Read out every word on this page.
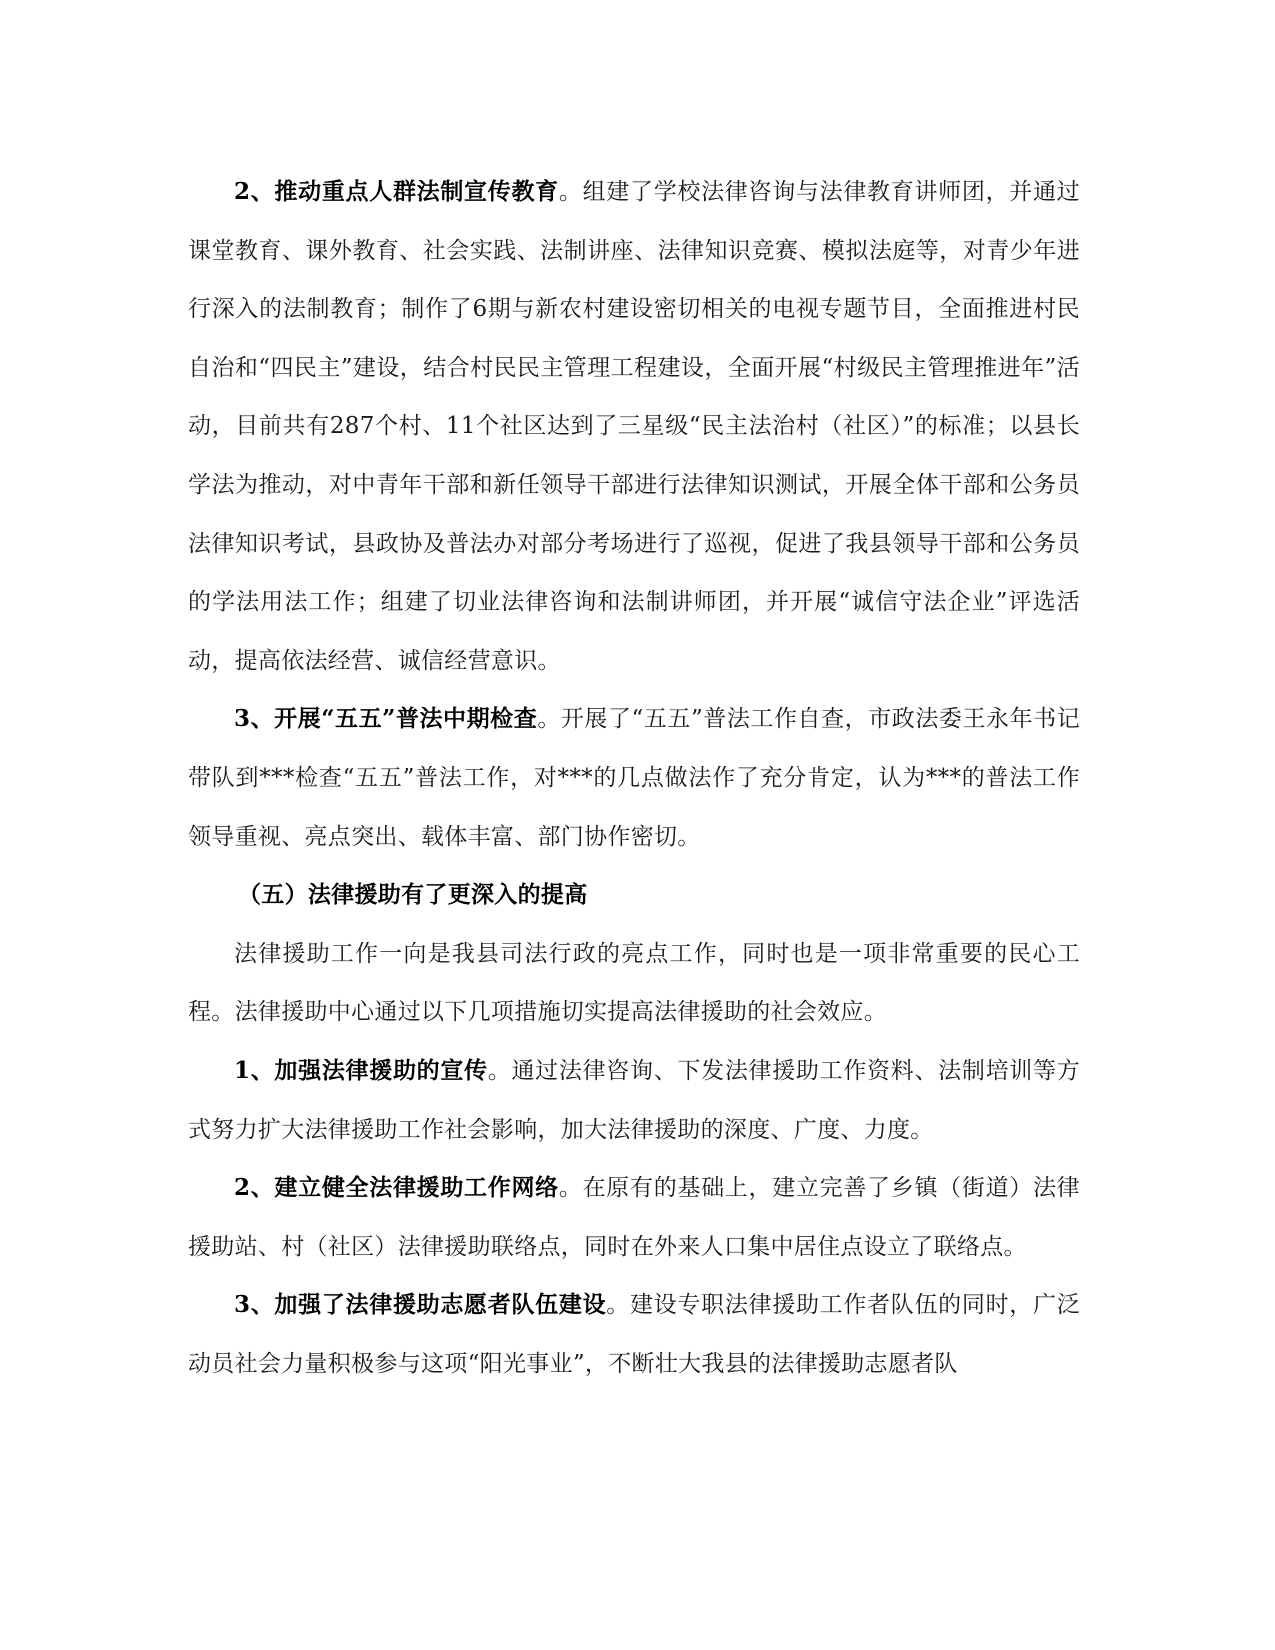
2、推动重点人群法制宣传教育。组建了学校法律咨询与法律教育讲师团，并通过课堂教育、课外教育、社会实践、法制讲座、法律知识竞赛、模拟法庭等，对青少年进行深入的法制教育；制作了6期与新农村建设密切相关的电视专题节目，全面推进村民自治和“四民主”建设，结合村民民主管理工程建设，全面开展“村级民主管理推进年”活动，目前共有287个村、11个社区达到了三星级“民主法治村（社区）”的标准；以县长学法为推动，对中青年干部和新任领导干部进行法律知识测试，开展全体干部和公务员法律知识考试，县政协及普法办对部分考场进行了巡视，促进了我县领导干部和公务员的学法用法工作；组建了切业法律咨询和法制讲师团，并开展“诚信守法企业”评选活动，提高依法经营、诚信经营意识。

3、开展“五五”普法中期检查。开展了“五五”普法工作自查，市政法委王永年书记带队到***检查“五五”普法工作，对***的几点做法作了充分肯定，认为***的普法工作领导重视、亮点突出、载体丰富、部门协作密切。

（五）法律援助有了更深入的提高

法律援助工作一向是我县司法行政的亮点工作，同时也是一项非常重要的民心工程。法律援助中心通过以下几项措施切实提高法律援助的社会效应。

1、加强法律援助的宣传。通过法律咨询、下发法律援助工作资料、法制培训等方式努力扩大法律援助工作社会影响，加大法律援助的深度、广度、力度。

2、建立健全法律援助工作网络。在原有的基础上，建立完善了乡镇（街道）法律援助站、村（社区）法律援助联络点，同时在外来人口集中居住点设立了联络点。

3、加强了法律援助志愿者队伍建设。建设专职法律援助工作者队伍的同时，广泛动员社会力量积极参与这项“阳光事业”，不断壮大我县的法律援助志愿者队
